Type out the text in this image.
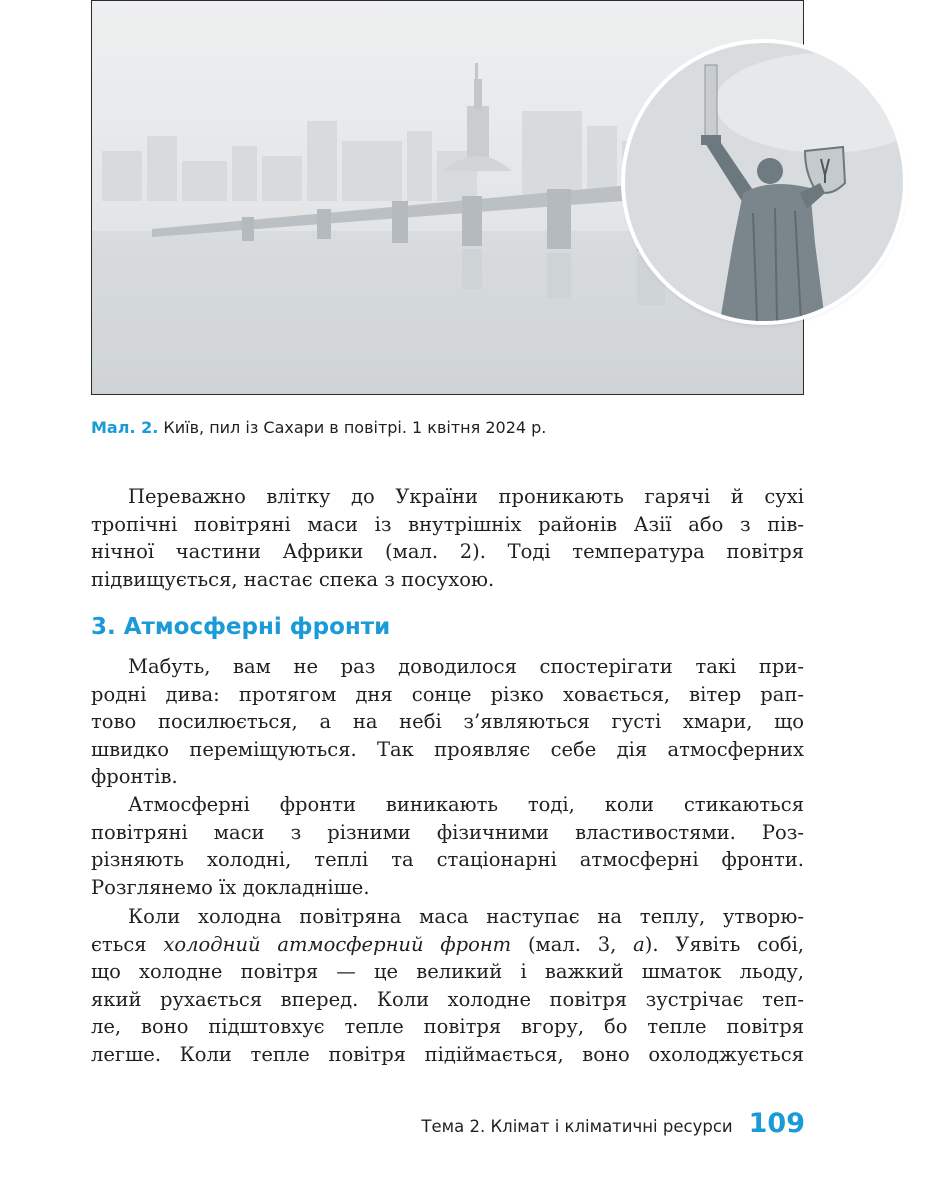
Мал. 2. Київ, пил із Сахари в повітрі. 1 квітня 2024 р.

Переважно влітку до України проникають гарячі й сухі
тропічні повітряні маси із внутрішніх районів Азії або з пів-
нічної частини Африки (мал. 2). Тоді температура повітря
підвищується, настає спека з посухою.

3. Атмосферні фронти

Мабуть, вам не раз доводилося спостерігати такі при-
родні дива: протягом дня сонце різко ховається, вітер рап-
тово посилюється, а на небі з’являються густі хмари, що
швидко переміщуються. Так проявляє себе дія атмосферних
фронтів.

Атмосферні фронти виникають тоді, коли стикаються
повітряні маси з різними фізичними властивостями. Роз-
різняють холодні, теплі та стаціонарні атмосферні фронти.
Розглянемо їх докладніше.

Коли холодна повітряна маса наступає на теплу, утворю-
ється холодний атмосферний фронт (мал. 3, а). Уявіть собі,
що холодне повітря — це великий і важкий шматок льоду,
який рухається вперед. Коли холодне повітря зустрічає теп-
ле, воно підштовхує тепле повітря вгору, бо тепле повітря
легше. Коли тепле повітря підіймається, воно охолоджується

Тема 2. Клімат і кліматичні ресурси 109
